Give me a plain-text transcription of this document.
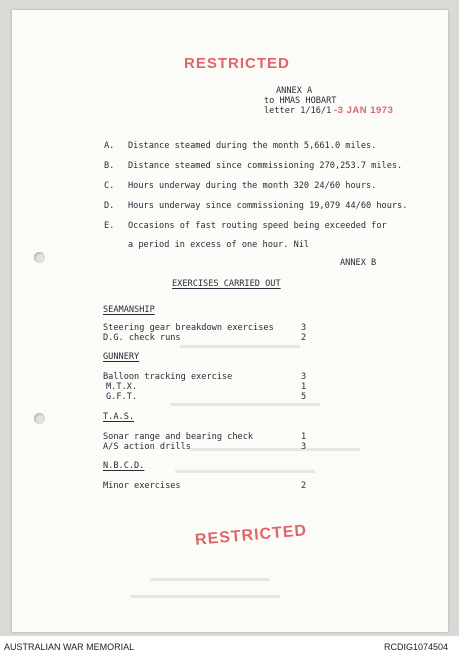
RESTRICTED
ANNEX A
to HMAS HOBART
letter 1/16/1 -3 JAN 1973
A. Distance steamed during the month 5,661.0 miles.
B. Distance steamed since commissioning 270,253.7 miles.
C. Hours underway during the month 320 24/60 hours.
D. Hours underway since commissioning 19,079 44/60 hours.
E. Occasions of fast routing speed being exceeded for
a period in excess of one hour. Nil
ANNEX B
EXERCISES CARRIED OUT
SEAMANSHIP
Steering gear breakdown exercises	3
D.G. check runs	2
GUNNERY
Balloon tracking exercise	3
M.T.X.	1
G.F.T.	5
T.A.S.
Sonar range and bearing check	1
A/S action drills	3
N.B.C.D.
Minor exercises	2
RESTRICTED
AUSTRALIAN WAR MEMORIAL	RCDIG1074504
